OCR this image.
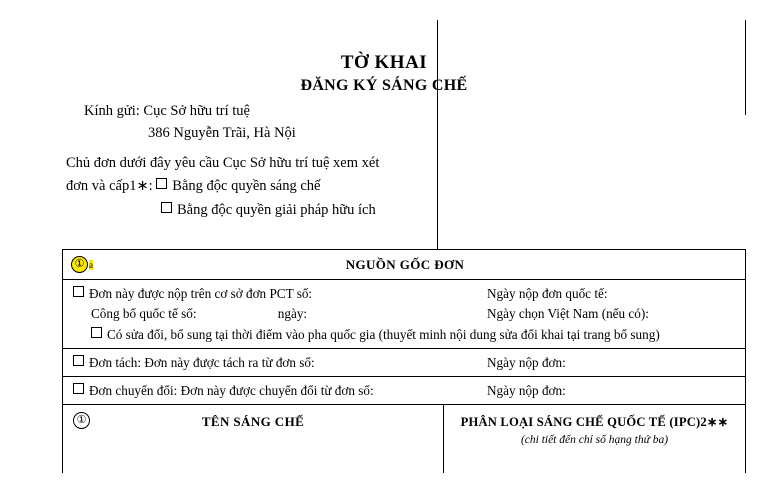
TỜ KHAI
ĐĂNG KÝ SÁNG CHẾ
Kính gửi: Cục Sở hữu trí tuệ
386 Nguyễn Trãi, Hà Nội
Chủ đơn dưới đây yêu cầu Cục Sở hữu trí tuệ xem xét
đơn và cấp1∗: Bằng độc quyền sáng chế
Bằng độc quyền giải pháp hữu ích
① a	NGUỒN GỐC ĐƠN
Đơn này được nộp trên cơ sở đơn PCT số:	Ngày nộp đơn quốc tế:
Công bố quốc tế số:	ngày:	Ngày chọn Việt Nam (nếu có):
Có sửa đổi, bổ sung tại thời điểm vào pha quốc gia (thuyết minh nội dung sửa đổi khai tại trang bổ sung)
Đơn tách: Đơn này được tách ra từ đơn số:	Ngày nộp đơn:
Đơn chuyển đổi: Đơn này được chuyển đổi từ đơn số:	Ngày nộp đơn:
①	TÊN SÁNG CHẾ	PHÂN LOẠI SÁNG CHẾ QUỐC TẾ (IPC)2∗∗
(chi tiết đến chỉ số hạng thứ ba)
